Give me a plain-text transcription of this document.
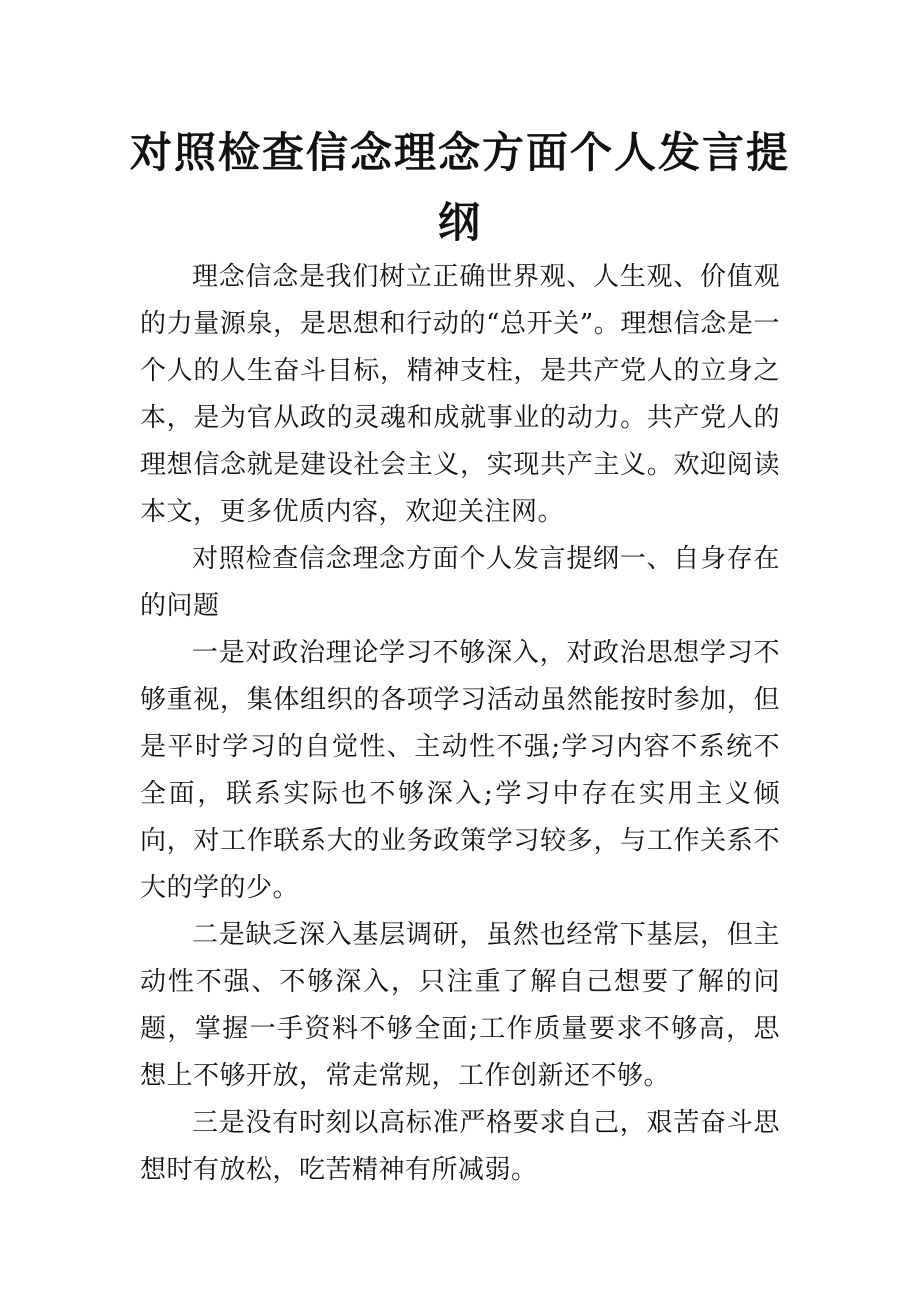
对照检查信念理念方面个人发言提纲

理念信念是我们树立正确世界观、人生观、价值观的力量源泉，是思想和行动的“总开关”。理想信念是一个人的人生奋斗目标，精神支柱，是共产党人的立身之本，是为官从政的灵魂和成就事业的动力。共产党人的理想信念就是建设社会主义，实现共产主义。欢迎阅读本文，更多优质内容，欢迎关注网。

对照检查信念理念方面个人发言提纲一、自身存在的问题

一是对政治理论学习不够深入，对政治思想学习不够重视，集体组织的各项学习活动虽然能按时参加，但是平时学习的自觉性、主动性不强;学习内容不系统不全面，联系实际也不够深入;学习中存在实用主义倾向，对工作联系大的业务政策学习较多，与工作关系不大的学的少。

二是缺乏深入基层调研，虽然也经常下基层，但主动性不强、不够深入，只注重了解自己想要了解的问题，掌握一手资料不够全面;工作质量要求不够高，思想上不够开放，常走常规，工作创新还不够。

三是没有时刻以高标准严格要求自己，艰苦奋斗思想时有放松，吃苦精神有所减弱。
